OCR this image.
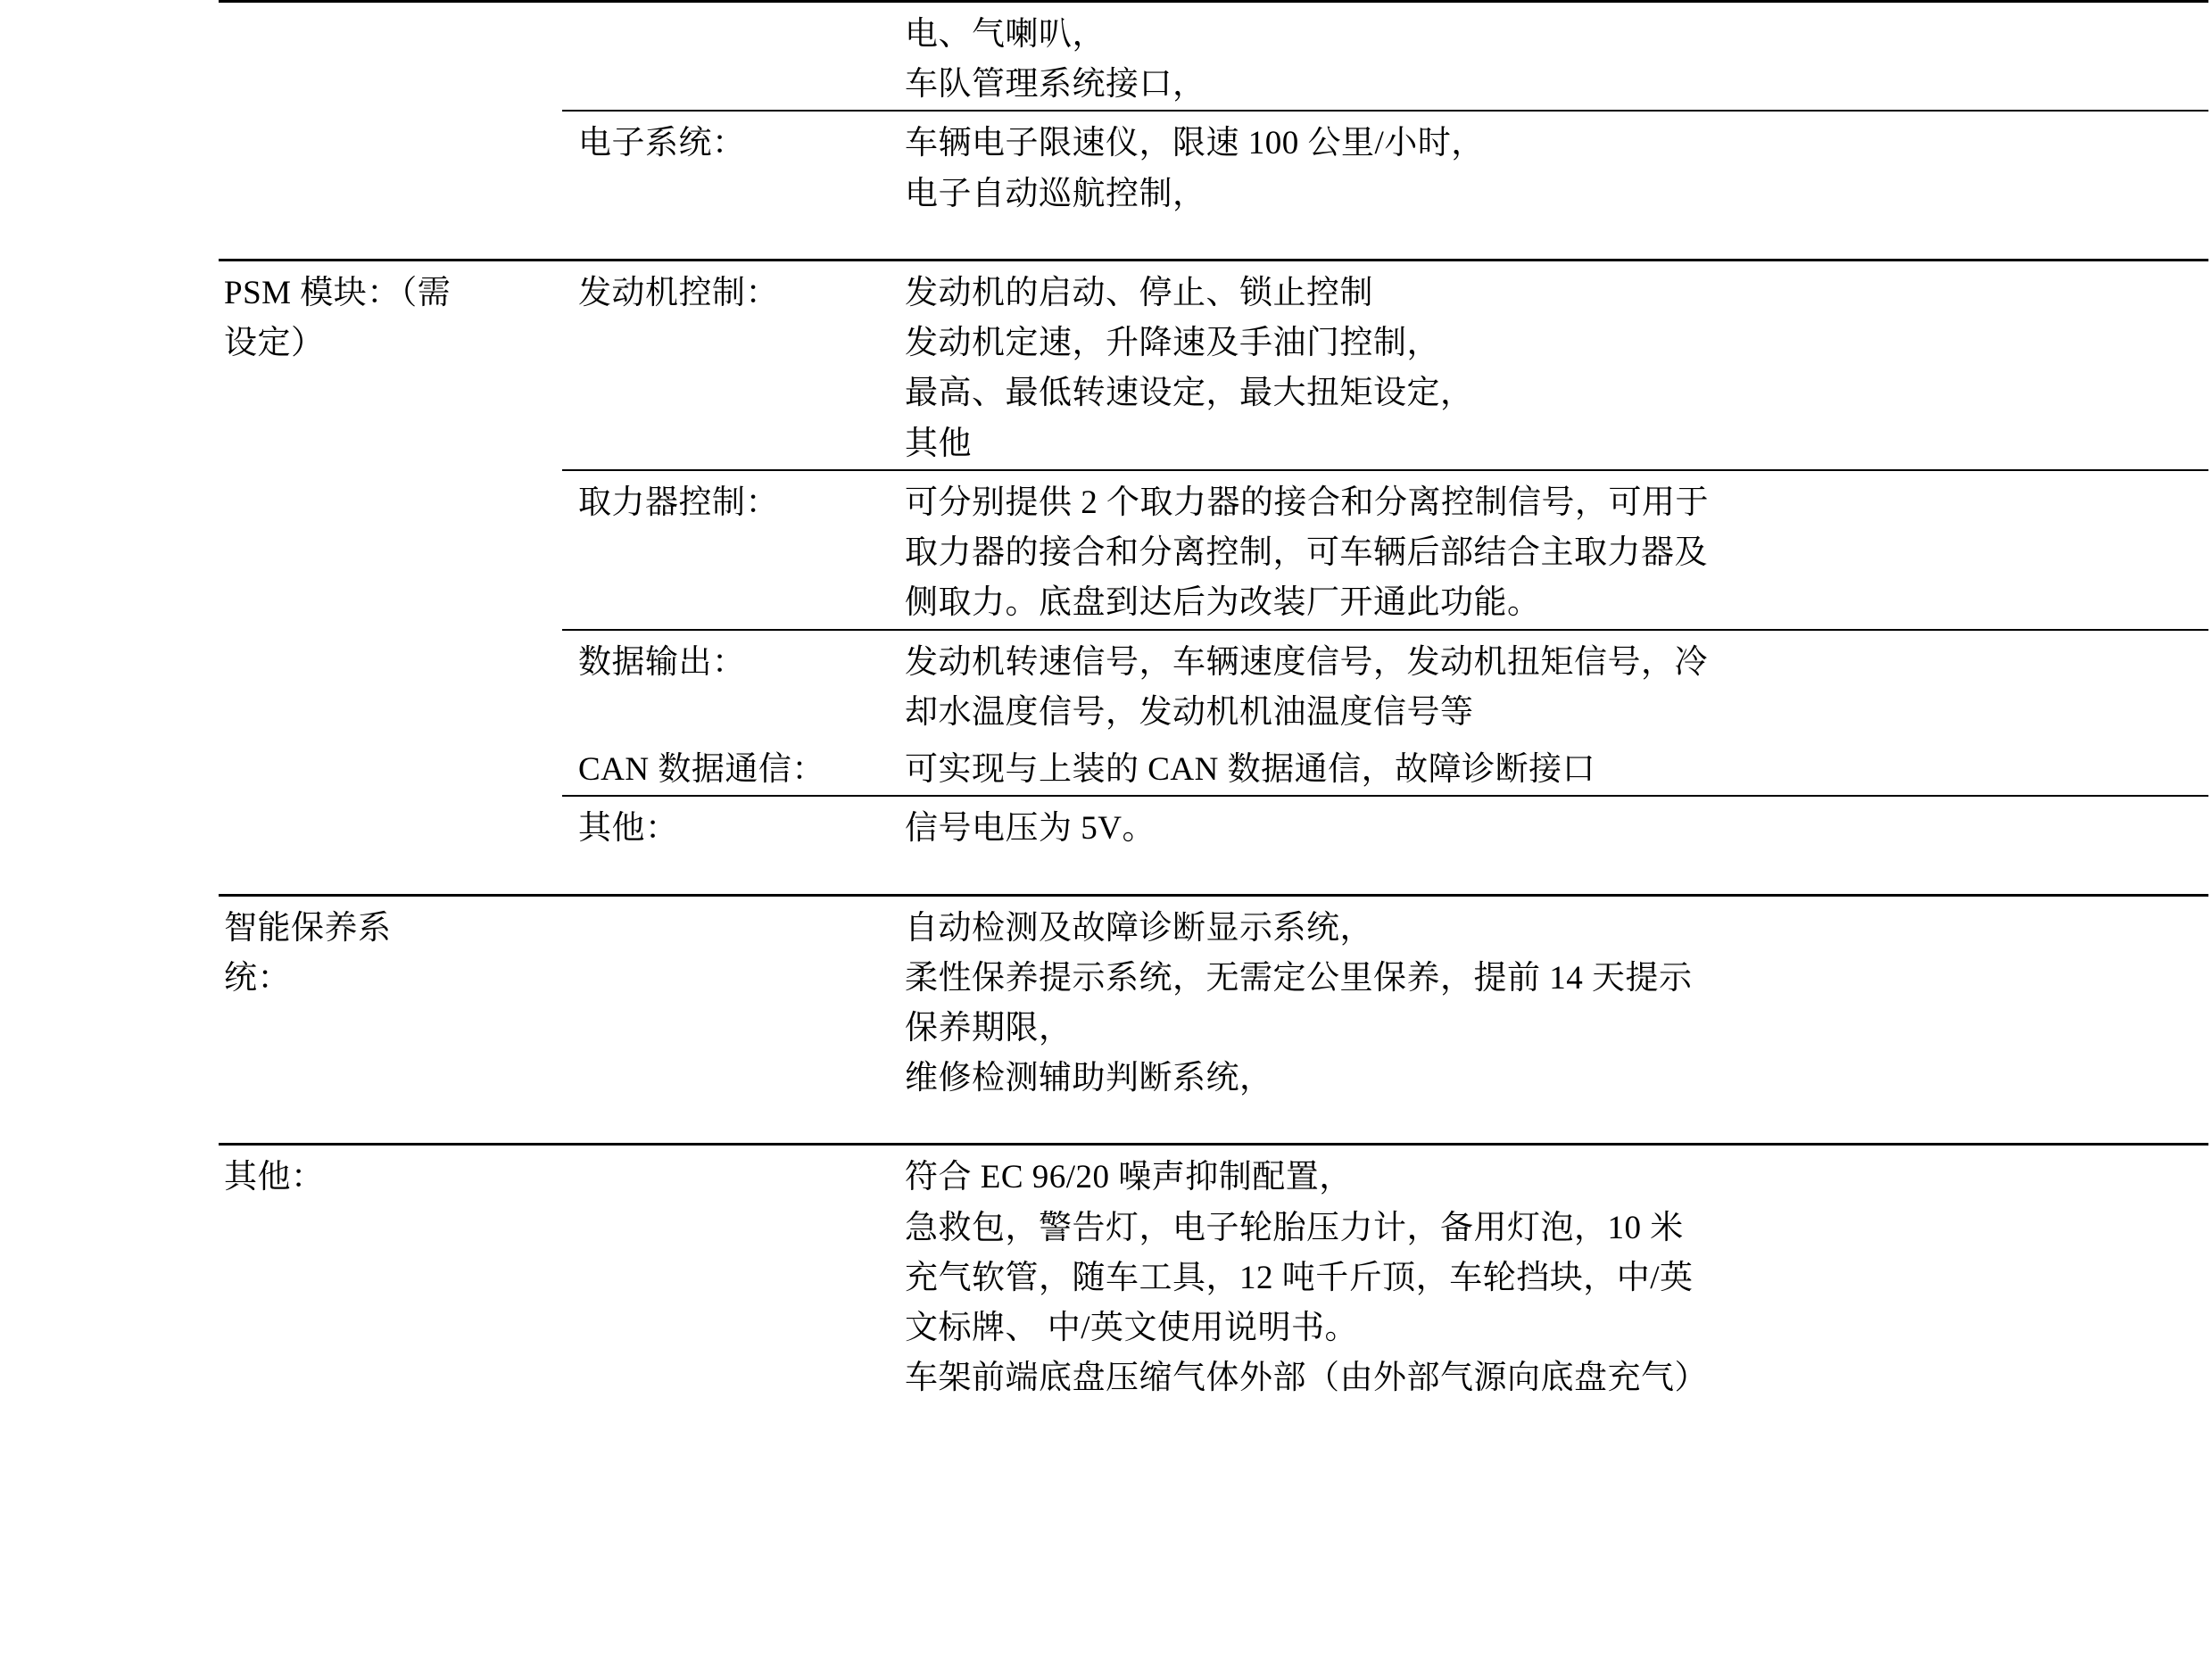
		电、气喇叭，
车队管理系统接口，

	电子系统：	车辆电子限速仪，限速 100 公里/小时，
电子自动巡航控制，

PSM 模块：（需
设定）	发动机控制：	发动机的启动、停止、锁止控制
发动机定速，升降速及手油门控制，
最高、最低转速设定，最大扭矩设定，
其他

	取力器控制：	可分别提供 2 个取力器的接合和分离控制信号，可用于
取力器的接合和分离控制，可车辆后部结合主取力器及
侧取力。底盘到达后为改装厂开通此功能。

	数据输出：	发动机转速信号，车辆速度信号，发动机扭矩信号，冷
却水温度信号，发动机机油温度信号等

	CAN 数据通信：	可实现与上装的 CAN 数据通信，故障诊断接口

	其他：	信号电压为 5V。

智能保养系
统：		自动检测及故障诊断显示系统，
柔性保养提示系统，无需定公里保养，提前 14 天提示
保养期限，
维修检测辅助判断系统，

其他：		符合 EC 96/20 噪声抑制配置，
急救包，警告灯，电子轮胎压力计，备用灯泡，10 米
充气软管，随车工具，12 吨千斤顶，车轮挡块，中/英
文标牌、 中/英文使用说明书。
车架前端底盘压缩气体外部（由外部气源向底盘充气）
